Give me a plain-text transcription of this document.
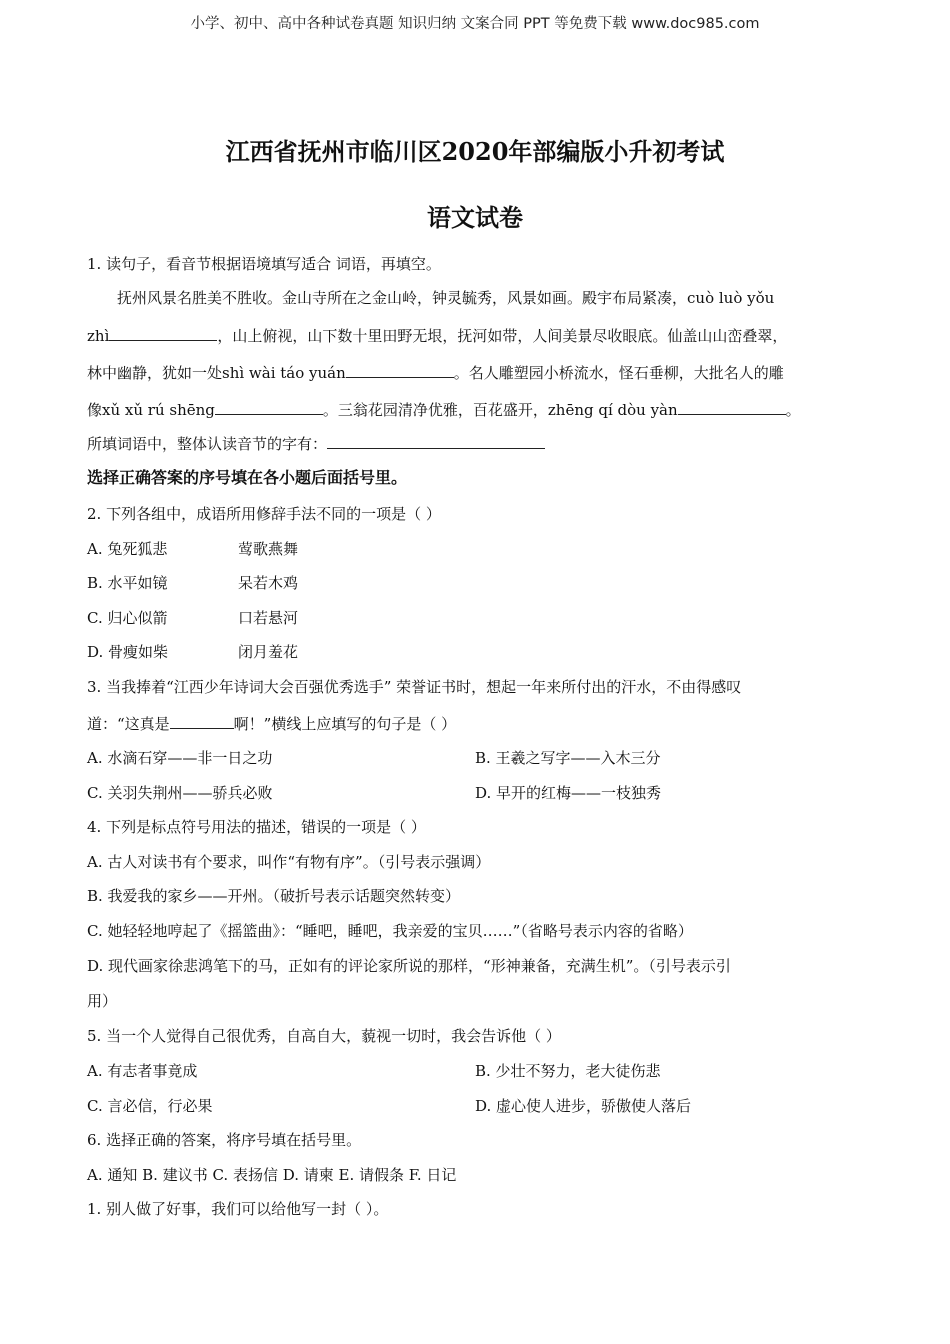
小学、初中、高中各种试卷真题 知识归纳 文案合同 PPT 等免费下载 www.doc985.com
江西省抚州市临川区2020年部编版小升初考试
语文试卷
1. 读句子，看音节根据语境填写适合 词语，再填空。
抚州风景名胜美不胜收。金山寺所在之金山岭，钟灵毓秀，风景如画。殿宇布局紧凑，cuò luò yǒu
zhì	，山上俯视，山下数十里田野无垠，抚河如带，人间美景尽收眼底。仙盖山山峦叠翠，
林中幽静，犹如一处shì wài táo yuán	。名人雕塑园小桥流水，怪石垂柳，大批名人的雕
像xǔ xǔ rú shēng	。三翁花园清净优雅，百花盛开，zhēng qí dòu yàn	。
所填词语中，整体认读音节的字有：
选择正确答案的序号填在各小题后面括号里。
2. 下列各组中，成语所用修辞手法不同的一项是（ ）
A. 兔死狐悲	莺歌燕舞
B. 水平如镜	呆若木鸡
C. 归心似箭	口若悬河
D. 骨瘦如柴	闭月羞花
3. 当我捧着“江西少年诗词大会百强优秀选手” 荣誉证书时，想起一年来所付出的汗水，不由得感叹
道：“这真是	啊！”横线上应填写的句子是（ ）
A. 水滴石穿——非一日之功	B. 王羲之写字——入木三分
C. 关羽失荆州——骄兵必败	D. 早开的红梅——一枝独秀
4. 下列是标点符号用法的描述，错误的一项是（ ）
A. 古人对读书有个要求，叫作“有物有序”。（引号表示强调）
B. 我爱我的家乡——开州。（破折号表示话题突然转变）
C. 她轻轻地哼起了《摇篮曲》：“睡吧，睡吧，我亲爱的宝贝……”（省略号表示内容的省略）
D. 现代画家徐悲鸿笔下的马，正如有的评论家所说的那样，“形神兼备，充满生机”。（引号表示引
用）
5. 当一个人觉得自己很优秀，自高自大，藐视一切时，我会告诉他（ ）
A. 有志者事竟成	B. 少壮不努力，老大徒伤悲
C. 言必信，行必果	D. 虚心使人进步，骄傲使人落后
6. 选择正确的答案，将序号填在括号里。
A. 通知 B. 建议书 C. 表扬信 D. 请柬 E. 请假条 F. 日记
1. 别人做了好事，我们可以给他写一封（ ）。
